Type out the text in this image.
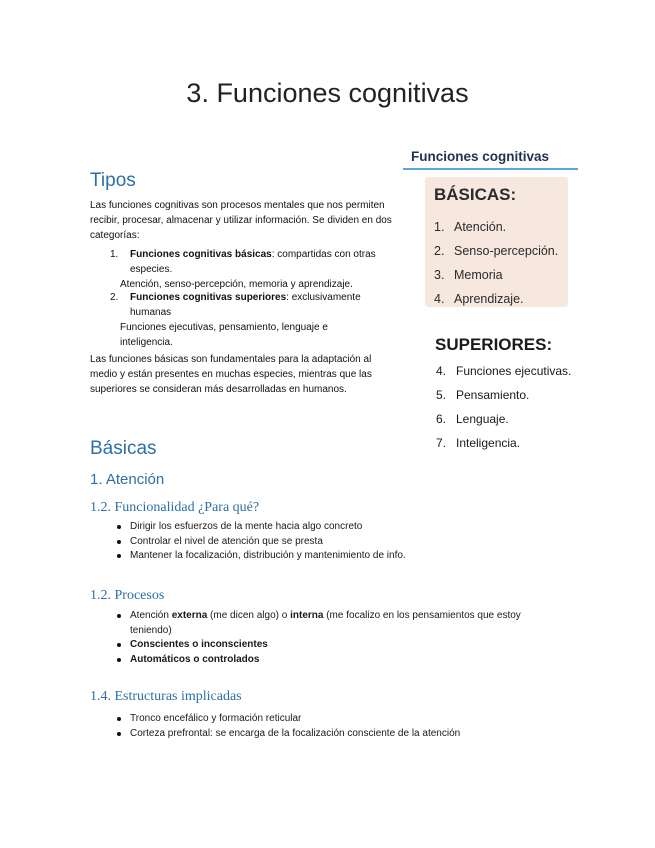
3. Funciones cognitivas
Tipos
Las funciones cognitivas son procesos mentales que nos permiten recibir, procesar, almacenar y utilizar información. Se dividen en dos categorías:
1.	Funciones cognitivas básicas: compartidas con otras especies.
Atención, senso-percepción, memoria y aprendizaje.
2.	Funciones cognitivas superiores: exclusivamente humanas
Funciones ejecutivas, pensamiento, lenguaje e inteligencia.
Las funciones básicas son fundamentales para la adaptación al medio y están presentes en muchas especies, mientras que las superiores se consideran más desarrolladas en humanos.
Funciones cognitivas
BÁSICAS:
1. Atención.
2. Senso-percepción.
3. Memoria
4. Aprendizaje.
SUPERIORES:
4. Funciones ejecutivas.
5. Pensamiento.
6. Lenguaje.
7. Inteligencia.
Básicas
1. Atención
1.2. Funcionalidad ¿Para qué?
Dirigir los esfuerzos de la mente hacia algo concreto
Controlar el nivel de atención que se presta
Mantener la focalización, distribución y mantenimiento de info.
1.2. Procesos
Atención externa (me dicen algo) o interna (me focalizo en los pensamientos que estoy teniendo)
Conscientes o inconscientes
Automáticos o controlados
1.4. Estructuras implicadas
Tronco encefálico y formación reticular
Corteza prefrontal: se encarga de la focalización consciente de la atención
